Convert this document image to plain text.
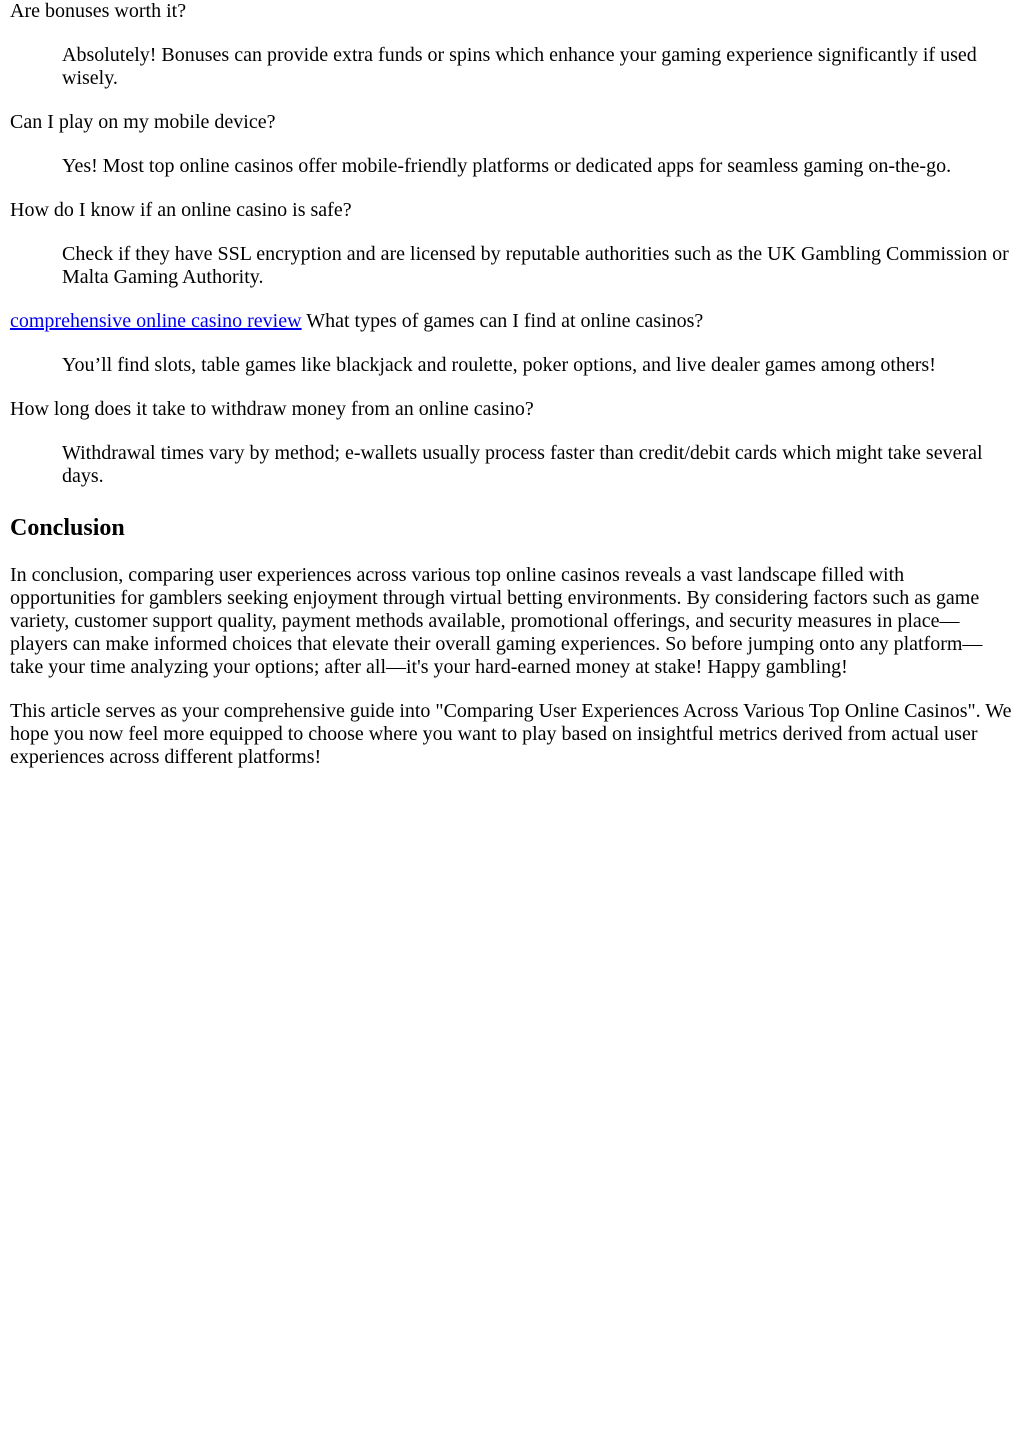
Are bonuses worth it?
Absolutely! Bonuses can provide extra funds or spins which enhance your gaming experience significantly if used wisely.
Can I play on my mobile device?
Yes! Most top online casinos offer mobile-friendly platforms or dedicated apps for seamless gaming on-the-go.
How do I know if an online casino is safe?
Check if they have SSL encryption and are licensed by reputable authorities such as the UK Gambling Commission or Malta Gaming Authority.
comprehensive online casino review What types of games can I find at online casinos?
You’ll find slots, table games like blackjack and roulette, poker options, and live dealer games among others!
How long does it take to withdraw money from an online casino?
Withdrawal times vary by method; e-wallets usually process faster than credit/debit cards which might take several days.
Conclusion

In conclusion, comparing user experiences across various top online casinos reveals a vast landscape filled with opportunities for gamblers seeking enjoyment through virtual betting environments. By considering factors such as game variety, customer support quality, payment methods available, promotional offerings, and security measures in place—players can make informed choices that elevate their overall gaming experiences. So before jumping onto any platform—take your time analyzing your options; after all—it's your hard-earned money at stake! Happy gambling!

This article serves as your comprehensive guide into "Comparing User Experiences Across Various Top Online Casinos". We hope you now feel more equipped to choose where you want to play based on insightful metrics derived from actual user experiences across different platforms!
